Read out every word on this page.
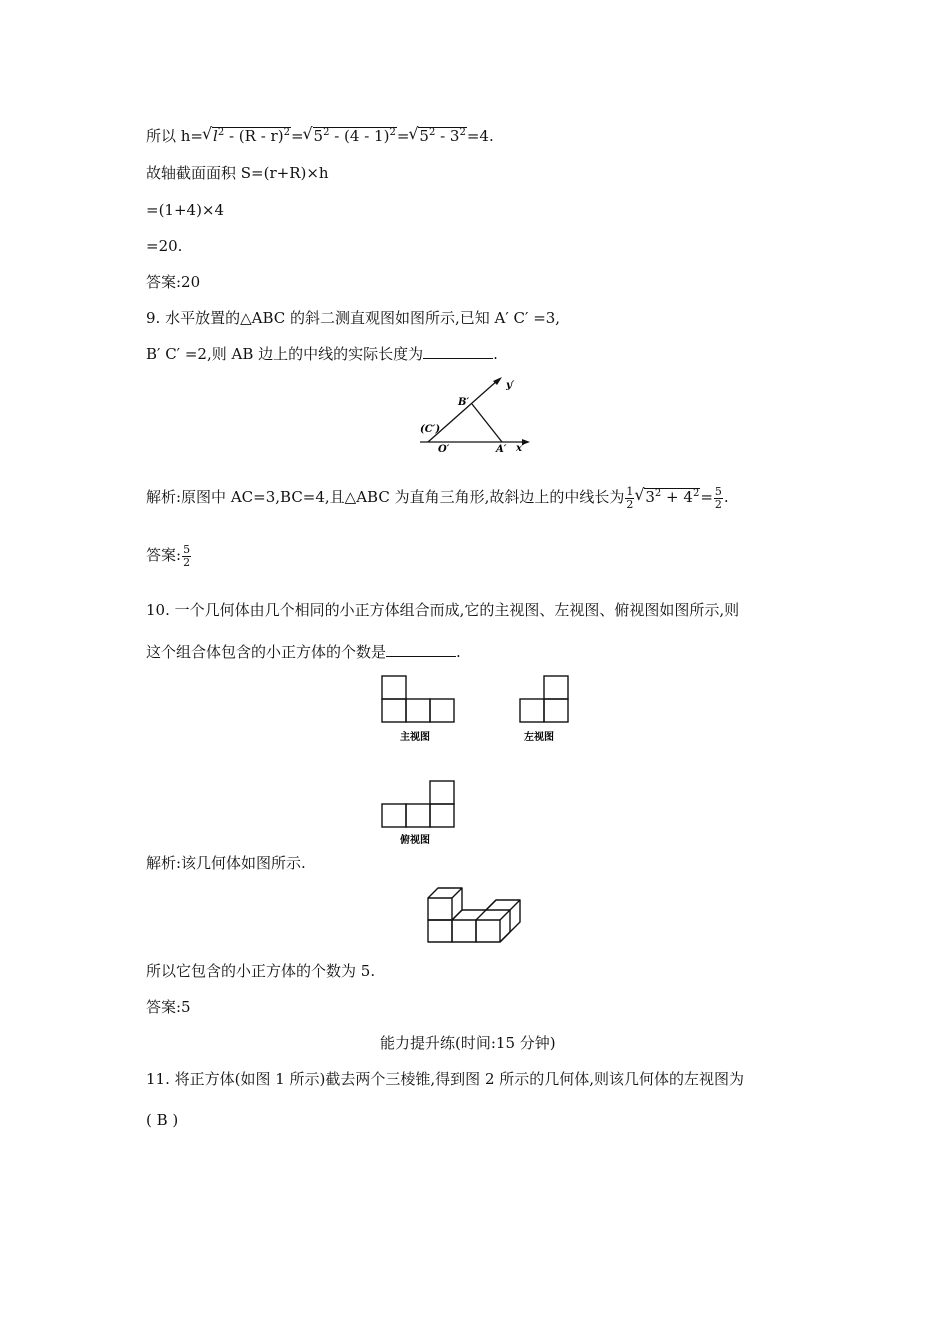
所以 h=√ $l^2 - (R - r)^2=√$ $5^2 - (4 - 1)^2=√$ $5^2 - 3^2=4$.
故轴截面面积 S=(r+R)×h
=(1+4)×4
=20.
答案:20
9. 水平放置的△ABC 的斜二测直观图如图所示,已知 A′ C′ =3,
B′ C′ =2,则 AB 边上的中线的实际长度为	.
y′
x′
B′
A′
(C′)
O′
解析:原图中 AC=3,BC=4,且△ABC 为直角三角形,故斜边上的中线长为 $\frac{1}{2}$
√ $3^2 + 4^2= \frac{5}{2}$ .
答案: $\frac{5}{2}$
10. 一个几何体由几个相同的小正方体组合而成,它的主视图、左视图、俯视图如图所示,则
这个组合体包含的小正方体的个数是	.
主视图	左视图
俯视图
解析:该几何体如图所示.
所以它包含的小正方体的个数为 5.
答案:5
能力提升练(时间:15 分钟)
11. 将正方体(如图 1 所示)截去两个三棱锥,得到图 2 所示的几何体,则该几何体的左视图为
( B )
